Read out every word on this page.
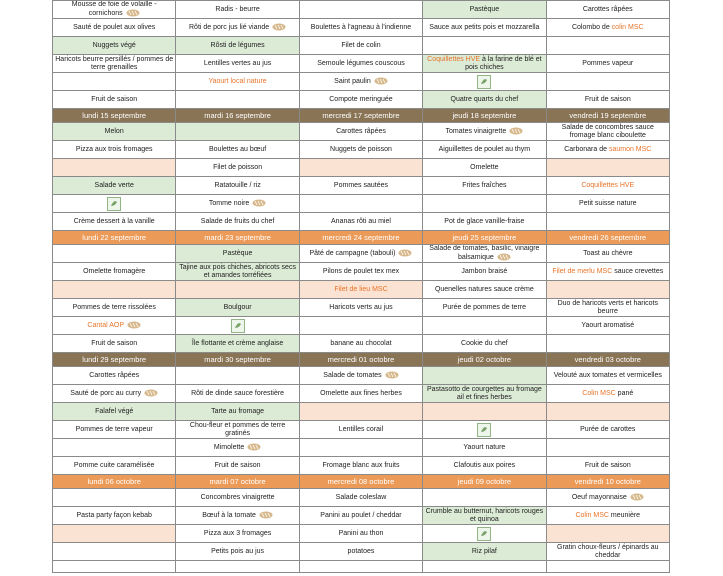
Mousse de foie de volaille - cornichons	Radis - beurre		Pastèque	Carottes râpées
Sauté de poulet aux olives	Rôti de porc jus lié viande	Boulettes à l'agneau à l'indienne	Sauce aux petits pois et mozzarella	Colombo de colin MSC
Nuggets végé	Rôsti de légumes	Filet de colin		
Haricots beurre persillés / pommes de terre grenailles	Lentilles vertes au jus	Semoule légumes couscous	Coquillettes HVE à la farine de blé et pois chiches	Pommes vapeur
	Yaourt local nature	Saint paulin		
Fruit de saison		Compote meringuée	Quatre quarts du chef	Fruit de saison
lundi 15 septembre	mardi 16 septembre	mercredi 17 septembre	jeudi 18 septembre	vendredi 19 septembre
Melon		Carottes râpées	Tomates vinaigrette	Salade de concombres sauce fromage blanc ciboulette
Pizza aux trois fromages	Boulettes au bœuf	Nuggets de poisson	Aiguillettes de poulet au thym	Carbonara de saumon MSC
	Filet de poisson		Omelette	
Salade verte	Ratatouille / riz	Pommes sautées	Frites fraîches	Coquillettes HVE
	Tomme noire			Petit suisse nature
Crème dessert à la vanille	Salade de fruits du chef	Ananas rôti au miel	Pot de glace vanille-fraise	
lundi 22 septembre	mardi 23 septembre	mercredi 24 septembre	jeudi 25 septembre	vendredi 26 septembre
	Pastèque	Pâté de campagne (tabouli)	Salade de tomates, basilic, vinaigre balsamique	Toast au chèvre
Omelette fromagère	Tajine aux pois chiches, abricots secs et amandes torréfiées	Pilons de poulet tex mex	Jambon braisé	Filet de merlu MSC sauce crevettes
		Filet de lieu MSC	Quenelles natures sauce crème	
Pommes de terre rissolées	Boulgour	Haricots verts au jus	Purée de pommes de terre	Duo de haricots verts et haricots beurre
Cantal AOP				Yaourt aromatisé
Fruit de saison	Île flottante et crème anglaise	banane au chocolat	Cookie du chef	
lundi 29 septembre	mardi 30 septembre	mercredi 01 octobre	jeudi 02 octobre	vendredi 03 octobre
Carottes râpées		Salade de tomates		Velouté aux tomates et vermicelles
Sauté de porc au curry	Rôti de dinde sauce forestière	Omelette aux fines herbes	Pastasotto de courgettes au fromage ail et fines herbes	Colin MSC pané
Falafel végé	Tarte au fromage			
Pommes de terre vapeur	Chou-fleur et pommes de terre gratinés	Lentilles corail		Purée de carottes
	Mimolette		Yaourt nature	
Pomme cuite caramélisée	Fruit de saison	Fromage blanc aux fruits	Clafoutis aux poires	Fruit de saison
lundi 06 octobre	mardi 07 octobre	mercredi 08 octobre	jeudi 09 octobre	vendredi 10 octobre
	Concombres vinaigrette	Salade coleslaw		Oeuf mayonnaise
Pasta party façon kebab	Bœuf à la tomate	Panini au poulet / cheddar	Crumble au butternut, haricots rouges et quinoa	Colin MSC meunière
	Pizza aux 3 fromages	Panini au thon		
	Petits pois au jus	potatoes	Riz pilaf	Gratin choux-fleurs / épinards au cheddar
